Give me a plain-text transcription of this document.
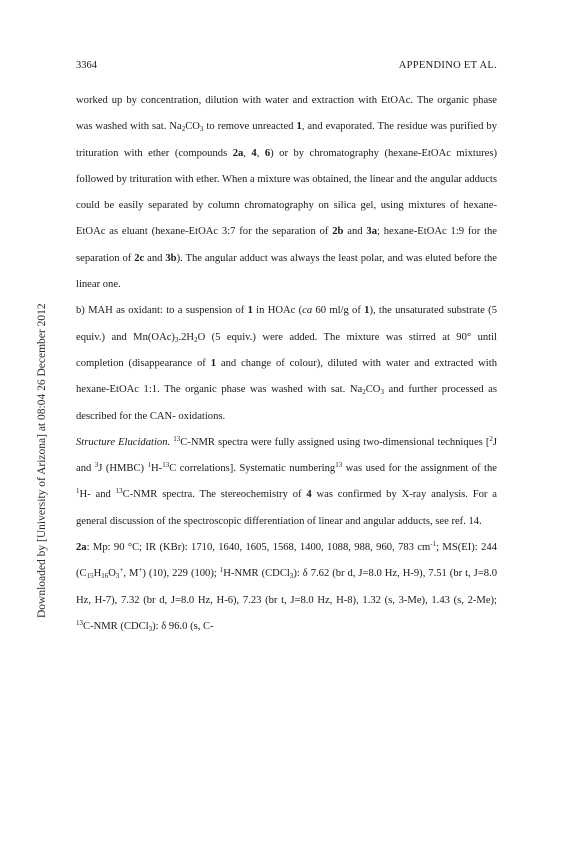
3364	APPENDINO ET AL.
Downloaded by [University of Arizona] at 08:04 26 December 2012

worked up by concentration, dilution with water and extraction with EtOAc. The organic phase was washed with sat. $Na_2CO_3$ to remove unreacted 1, and evaporated. The residue was purified by trituration with ether (compounds 2a, 4, 6) or by chromatography (hexane-EtOAc mixtures) followed by trituration with ether. When a mixture was obtained, the linear and the angular adducts could be easily separated by column chromatography on silica gel, using mixtures of hexane-EtOAc as eluant (hexane-EtOAc 3:7 for the separation of 2b and 3a; hexane-EtOAc 1:9 for the separation of 2c and 3b). The angular adduct was always the least polar, and was eluted before the linear one.

b) MAH as oxidant: to a suspension of 1 in HOAc (ca 60 ml/g of 1), the unsaturated substrate (5 equiv.) and $Mn(OAc)_3.2H_2O$ (5 equiv.) were added. The mixture was stirred at 90° until completion (disappearance of 1 and change of colour), diluted with water and extracted with hexane-EtOAc 1:1. The organic phase was washed with sat. $Na_2CO_3$ and further processed as described for the CAN- oxidations.

Structure Elucidation. $^{13}$C-NMR spectra were fully assigned using two-dimensional techniques [$^2$J and $^3$J (HMBC) $^1$H-$^{13}$C correlations]. Systematic numbering$^{13}$ was used for the assignment of the $^1$H- and $^{13}$C-NMR spectra. The stereochemistry of 4 was confirmed by X-ray analysis. For a general discussion of the spectroscopic differentiation of linear and angular adducts, see ref. 14.

2a: Mp: 90 °C; IR (KBr): 1710, 1640, 1605, 1568, 1400, 1088, 988, 960, 783 $cm^{-1}$; MS(EI): 244 ($C_{15}H_{16}O_3^+$, M+) (10), 229 (100); $^1$H-NMR (CDCl$_3$): δ 7.62 (br d, J=8.0 Hz, H-9), 7.51 (br t, J=8.0 Hz, H-7), 7.32 (br d, J=8.0 Hz, H-6), 7.23 (br t, J=8.0 Hz, H-8), 1.32 (s, 3-Me), 1.43 (s, 2-Me); $^{13}$C-NMR (CDCl$_3$): δ 96.0 (s, C-
